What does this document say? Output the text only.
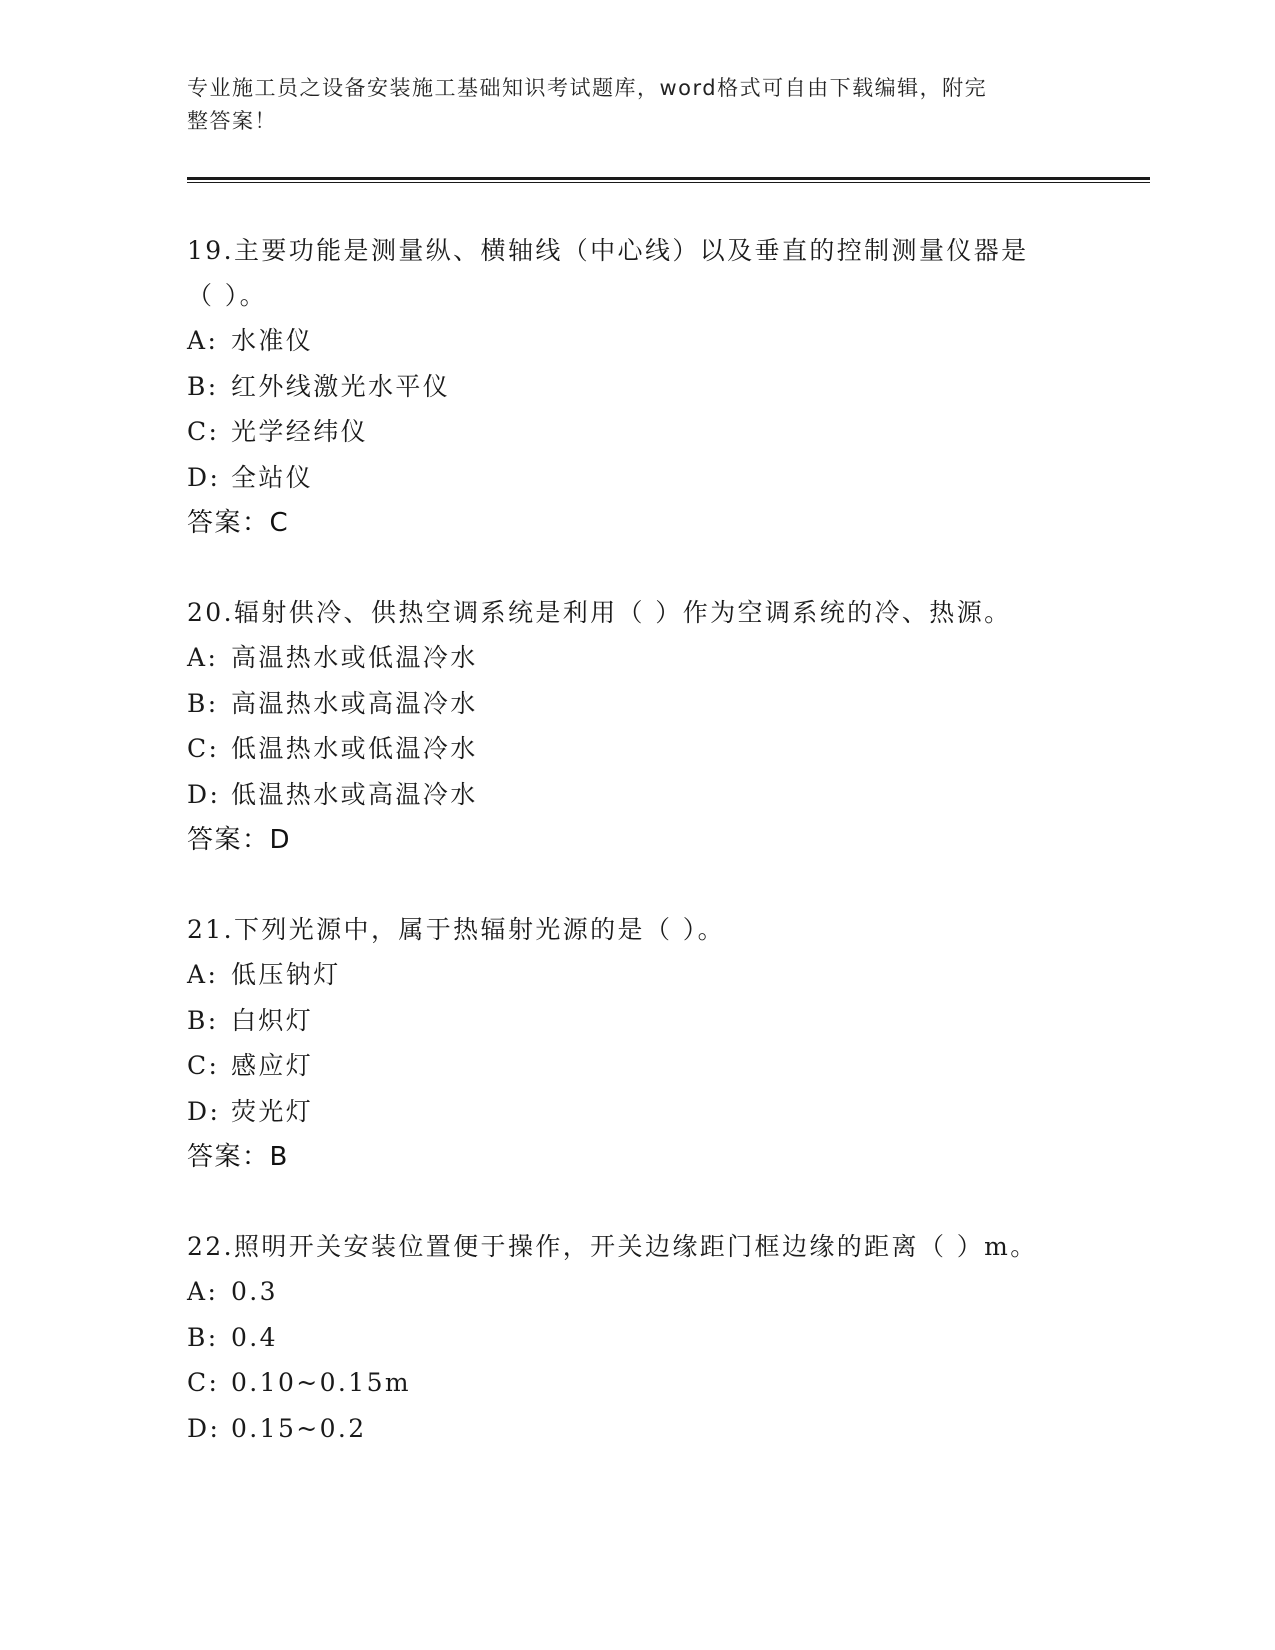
专业施工员之设备安装施工基础知识考试题库，word格式可自由下载编辑，附完
整答案！

19.主要功能是测量纵、横轴线（中心线）以及垂直的控制测量仪器是

（ ）。

A: 水准仪

B: 红外线激光水平仪

C: 光学经纬仪

D: 全站仪

答案：C

20.辐射供冷、供热空调系统是利用（ ）作为空调系统的冷、热源。

A: 高温热水或低温冷水

B: 高温热水或高温冷水

C: 低温热水或低温冷水

D: 低温热水或高温冷水

答案：D

21.下列光源中，属于热辐射光源的是（ ）。

A: 低压钠灯

B: 白炽灯

C: 感应灯

D: 荧光灯

答案：B

22.照明开关安装位置便于操作，开关边缘距门框边缘的距离（ ）m。

A: 0.3

B: 0.4

C: 0.10~0.15m

D: 0.15~0.2
